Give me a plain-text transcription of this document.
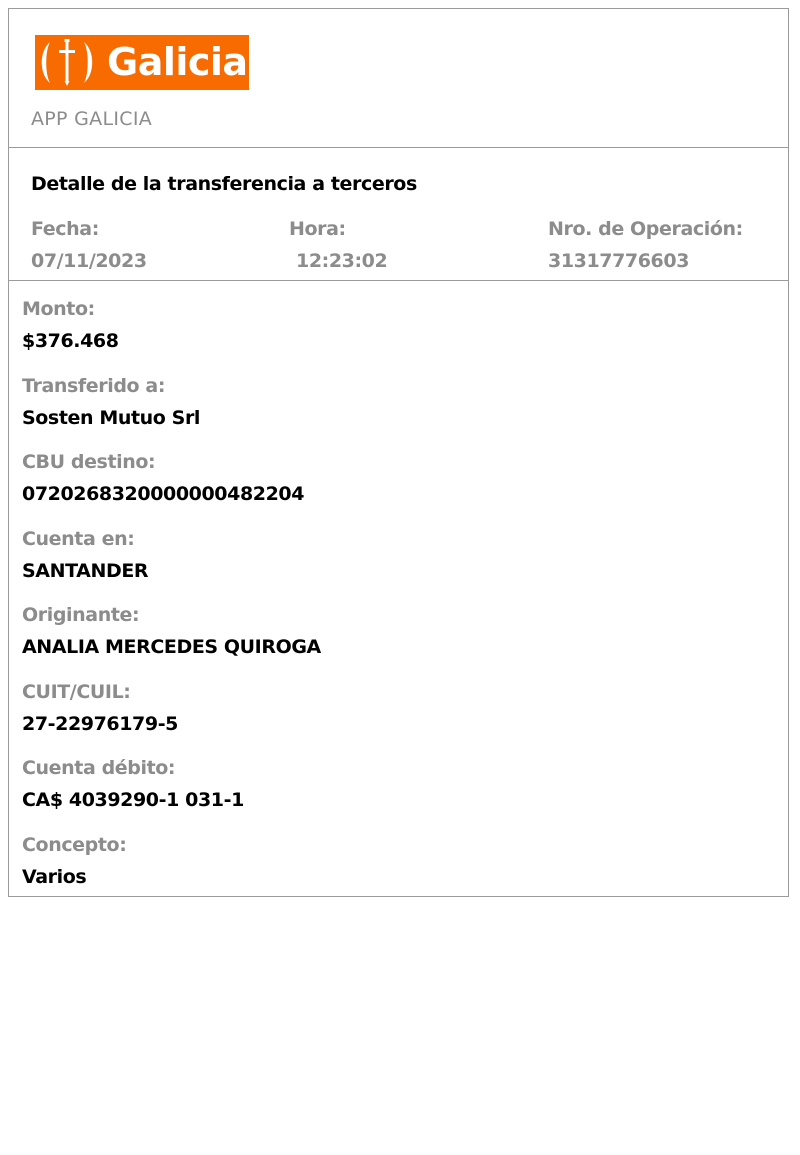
Galicia
APP GALICIA
Detalle de la transferencia a terceros
Fecha:
07/11/2023
Hora:
12:23:02
Nro. de Operación:
31317776603
Monto:
$376.468
Transferido a:
Sosten Mutuo Srl
CBU destino:
0720268320000000482204
Cuenta en:
SANTANDER
Originante:
ANALIA MERCEDES QUIROGA
CUIT/CUIL:
27-22976179-5
Cuenta débito:
CA$ 4039290-1 031-1
Concepto:
Varios
